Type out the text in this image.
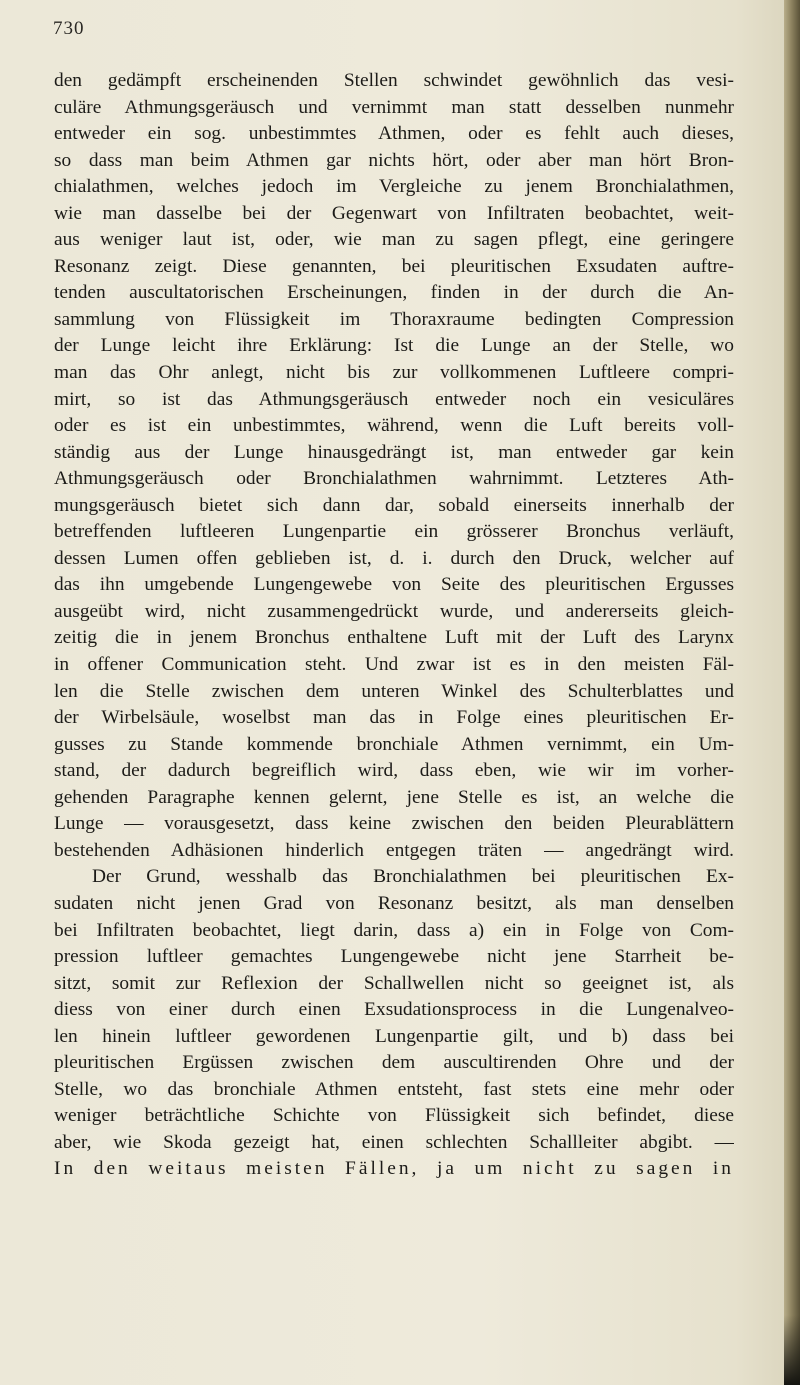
730
den gedämpft erscheinenden Stellen schwindet gewöhnlich das vesi-
culäre Athmungsgeräusch und vernimmt man statt desselben nunmehr
entweder ein sog. unbestimmtes Athmen, oder es fehlt auch dieses,
so dass man beim Athmen gar nichts hört, oder aber man hört Bron-
chialathmen, welches jedoch im Vergleiche zu jenem Bronchialathmen,
wie man dasselbe bei der Gegenwart von Infiltraten beobachtet, weit-
aus weniger laut ist, oder, wie man zu sagen pflegt, eine geringere
Resonanz zeigt. Diese genannten, bei pleuritischen Exsudaten auftre-
tenden auscultatorischen Erscheinungen, finden in der durch die An-
sammlung von Flüssigkeit im Thoraxraume bedingten Compression
der Lunge leicht ihre Erklärung: Ist die Lunge an der Stelle, wo
man das Ohr anlegt, nicht bis zur vollkommenen Luftleere compri-
mirt, so ist das Athmungsgeräusch entweder noch ein vesiculäres
oder es ist ein unbestimmtes, während, wenn die Luft bereits voll-
ständig aus der Lunge hinausgedrängt ist, man entweder gar kein
Athmungsgeräusch oder Bronchialathmen wahrnimmt. Letzteres Ath-
mungsgeräusch bietet sich dann dar, sobald einerseits innerhalb der
betreffenden luftleeren Lungenpartie ein grösserer Bronchus verläuft,
dessen Lumen offen geblieben ist, d. i. durch den Druck, welcher auf
das ihn umgebende Lungengewebe von Seite des pleuritischen Ergusses
ausgeübt wird, nicht zusammengedrückt wurde, und andererseits gleich-
zeitig die in jenem Bronchus enthaltene Luft mit der Luft des Larynx
in offener Communication steht. Und zwar ist es in den meisten Fäl-
len die Stelle zwischen dem unteren Winkel des Schulterblattes und
der Wirbelsäule, woselbst man das in Folge eines pleuritischen Er-
gusses zu Stande kommende bronchiale Athmen vernimmt, ein Um-
stand, der dadurch begreiflich wird, dass eben, wie wir im vorher-
gehenden Paragraphe kennen gelernt, jene Stelle es ist, an welche die
Lunge — vorausgesetzt, dass keine zwischen den beiden Pleurablättern
bestehenden Adhäsionen hinderlich entgegen träten — angedrängt wird.
Der Grund, wesshalb das Bronchialathmen bei pleuritischen Ex-
sudaten nicht jenen Grad von Resonanz besitzt, als man denselben
bei Infiltraten beobachtet, liegt darin, dass a) ein in Folge von Com-
pression luftleer gemachtes Lungengewebe nicht jene Starrheit be-
sitzt, somit zur Reflexion der Schallwellen nicht so geeignet ist, als
diess von einer durch einen Exsudationsprocess in die Lungenalveo-
len hinein luftleer gewordenen Lungenpartie gilt, und b) dass bei
pleuritischen Ergüssen zwischen dem auscultirenden Ohre und der
Stelle, wo das bronchiale Athmen entsteht, fast stets eine mehr oder
weniger beträchtliche Schichte von Flüssigkeit sich befindet, diese
aber, wie Skoda gezeigt hat, einen schlechten Schallleiter abgibt. —
In den weitaus meisten Fällen, ja um nicht zu sagen in
